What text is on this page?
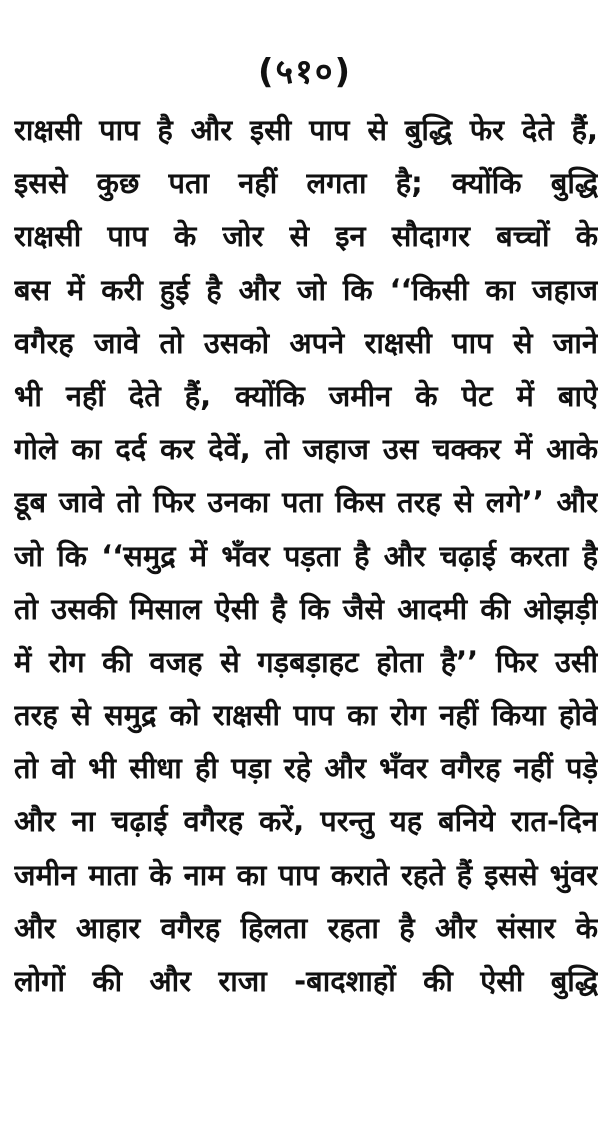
(५१०)
राक्षसी पाप है और इसी पाप से बुद्धि फेर देते हैं,
इससे कुछ पता नहीं लगता है; क्योंकि बुद्धि
राक्षसी पाप के जोर से इन सौदागर बच्चों के
बस में करी हुई है और जो कि ‘‘किसी का जहाज
वगैरह जावे तो उसको अपने राक्षसी पाप से जाने
भी नहीं देते हैं, क्योंकि जमीन के पेट में बाऐ
गोले का दर्द कर देवें, तो जहाज उस चक्कर में आके
डूब जावे तो फिर उनका पता किस तरह से लगे’’ और
जो कि ‘‘समुद्र में भँवर पड़ता है और चढ़ाई करता है
तो उसकी मिसाल ऐसी है कि जैसे आदमी की ओझड़ी
में रोग की वजह से गड़बड़ाहट होता है’’ फिर उसी
तरह से समुद्र को राक्षसी पाप का रोग नहीं किया होवे
तो वो भी सीधा ही पड़ा रहे और भँवर वगैरह नहीं पड़े
और ना चढ़ाई वगैरह करें, परन्तु यह बनिये रात-दिन
जमीन माता के नाम का पाप कराते रहते हैं इससे भुंवर
और आहार वगैरह हिलता रहता है और संसार के
लोगों की और राजा -बादशाहों की ऐसी बुद्धि
